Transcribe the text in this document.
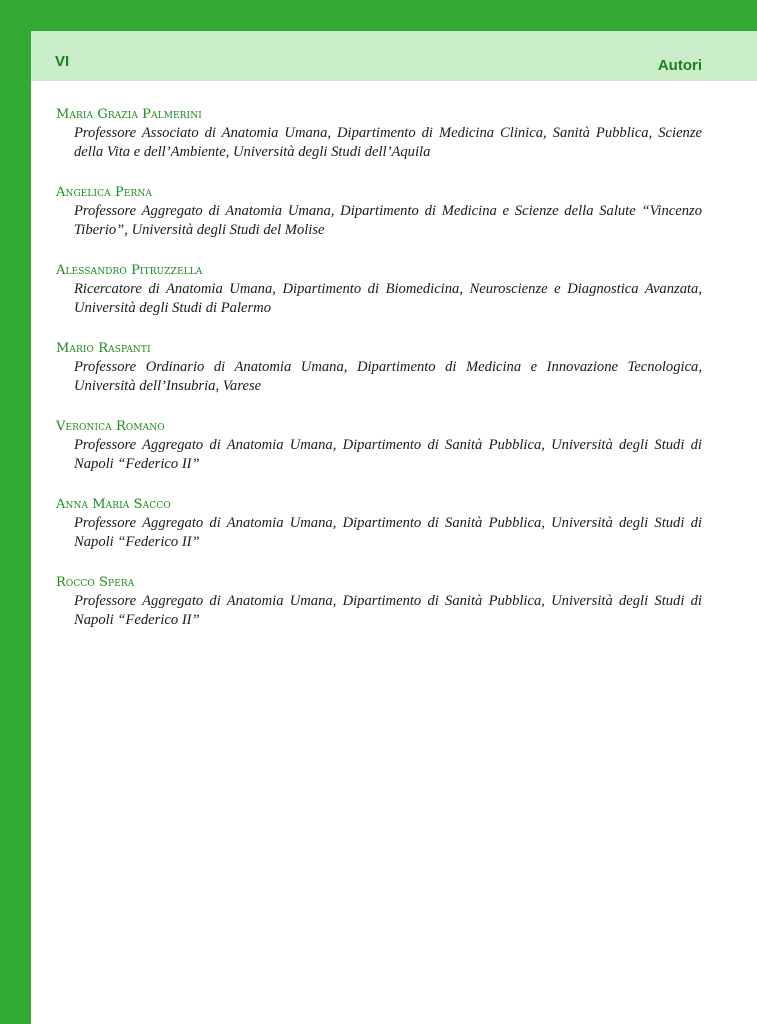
VI	Autori
Maria Grazia Palmerini
Professore Associato di Anatomia Umana, Dipartimento di Medicina Clinica, Sanità Pubblica, Scienze della Vita e dell’Ambiente, Università degli Studi dell’Aquila
Angelica Perna
Professore Aggregato di Anatomia Umana, Dipartimento di Medicina e Scienze della Salute “Vincenzo Tiberio”, Università degli Studi del Molise
Alessandro Pitruzzella
Ricercatore di Anatomia Umana, Dipartimento di Biomedicina, Neuroscienze e Diagnostica Avanzata, Università degli Studi di Palermo
Mario Raspanti
Professore Ordinario di Anatomia Umana, Dipartimento di Medicina e Innovazione Tecnologica, Università dell’Insubria, Varese
Veronica Romano
Professore Aggregato di Anatomia Umana, Dipartimento di Sanità Pubblica, Università degli Studi di Napoli “Federico II”
Anna Maria Sacco
Professore Aggregato di Anatomia Umana, Dipartimento di Sanità Pubblica, Università degli Studi di Napoli “Federico II”
Rocco Spera
Professore Aggregato di Anatomia Umana, Dipartimento di Sanità Pubblica, Università degli Studi di Napoli “Federico II”
